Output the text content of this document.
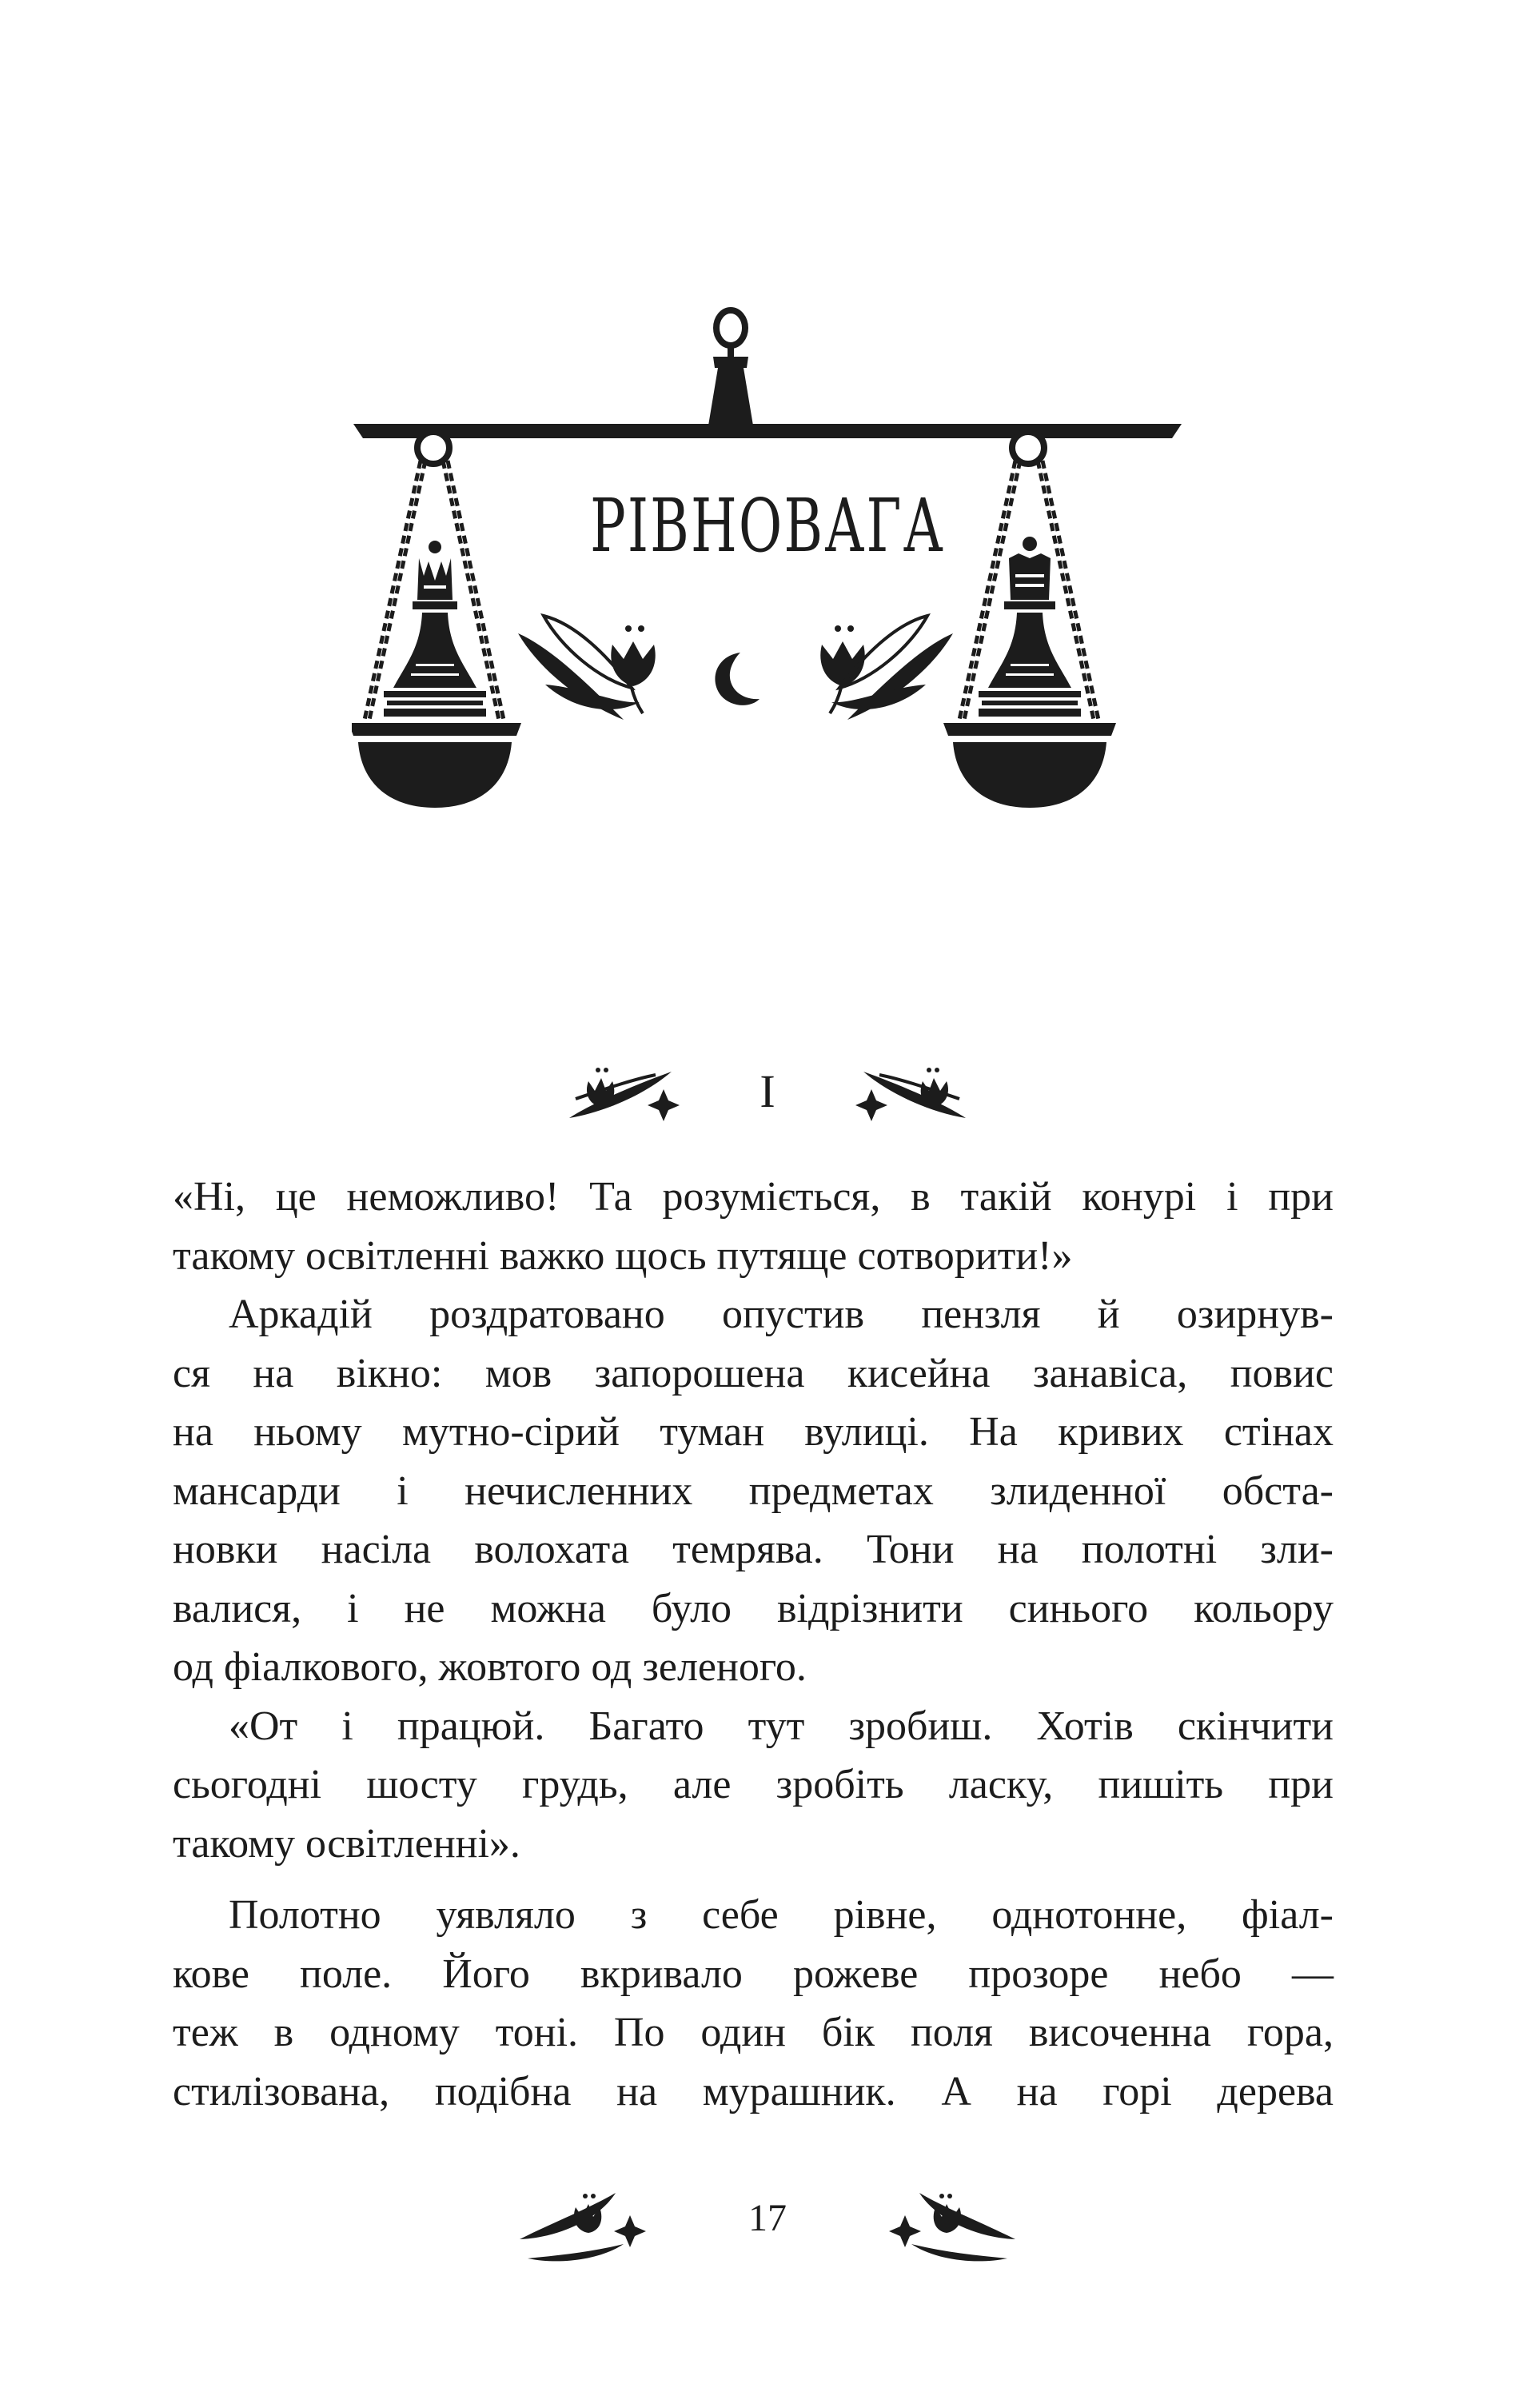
РІВНОВАГА
I
«Ні, це неможливо! Та розуміється, в такій конурі і при
такому освітленні важко щось путяще сотворити!»
Аркадій роздратовано опустив пензля й озирнув-
ся на вікно: мов запорошена кисейна занавіса, повис
на ньому мутно-сірий туман вулиці. На кривих стінах
мансарди і нечисленних предметах злиденної обста-
новки насіла волохата темрява. Тони на полотні зли-
валися, і не можна було відрізнити синього кольору
од фіалкового, жовтого од зеленого.
«От і працюй. Багато тут зробиш. Хотів скінчити
сьогодні шосту грудь, але зробіть ласку, пишіть при
такому освітленні».
Полотно уявляло з себе рівне, однотонне, фіал-
кове поле. Його вкривало рожеве прозоре небо —
теж в одному тоні. По один бік поля височенна гора,
стилізована, подібна на мурашник. А на горі дерева
17
